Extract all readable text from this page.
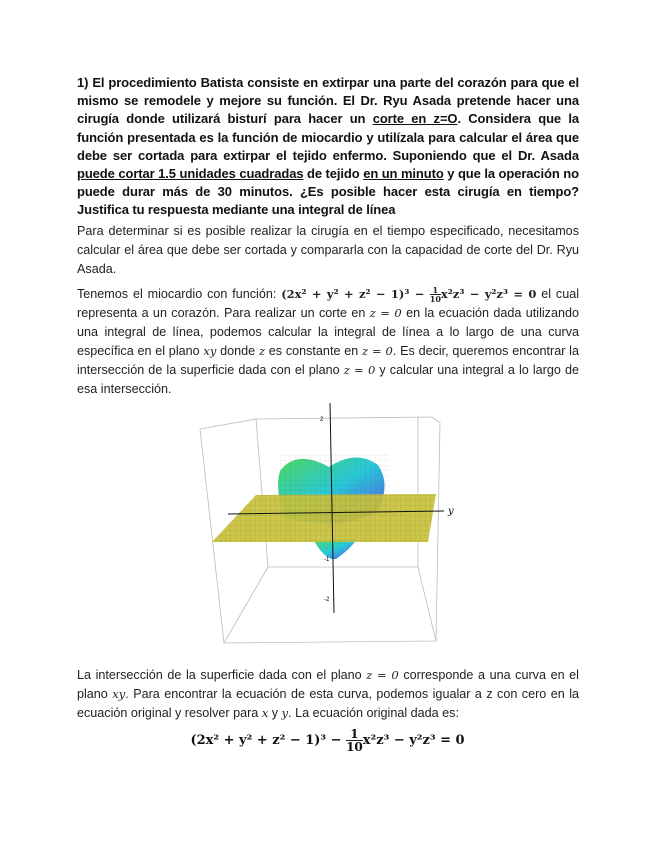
1) El procedimiento Batista consiste en extirpar una parte del corazón para que el mismo se remodele y mejore su función. El Dr. Ryu Asada pretende hacer una cirugía donde utilizará bisturí para hacer un corte en z=O. Considera que la función presentada es la función de miocardio y utilízala para calcular el área que debe ser cortada para extirpar el tejido enfermo. Suponiendo que el Dr. Asada puede cortar 1.5 unidades cuadradas de tejido en un minuto y que la operación no puede durar más de 30 minutos. ¿Es posible hacer esta cirugía en tiempo? Justifica tu respuesta mediante una integral de línea
Para determinar si es posible realizar la cirugía en el tiempo especificado, necesitamos calcular el área que debe ser cortada y compararla con la capacidad de corte del Dr. Ryu Asada.
Tenemos el miocardio con función: $(2x^2 + y^2 + z^2 - 1)^3 - \frac{1}{10} x^2z^3 - y^2z^3 = 0$ el cual representa a un corazón. Para realizar un corte en z = 0 en la ecuación dada utilizando una integral de línea, podemos calcular la integral de línea a lo largo de una curva específica en el plano xy donde z es constante en z = 0. Es decir, queremos encontrar la intersección de la superficie dada con el plano z = 0 y calcular una integral a lo largo de esa intersección.
y
2
-1
-2
La intersección de la superficie dada con el plano z = 0 corresponde a una curva en el plano xy. Para encontrar la ecuación de esta curva, podemos igualar a z con cero en la ecuación original y resolver para x y y. La ecuación original dada es:
$(2x^2 + y^2 + z^2 - 1)^3 - \frac{1}{10} x^2z^3 - y^2z^3 = 0$
